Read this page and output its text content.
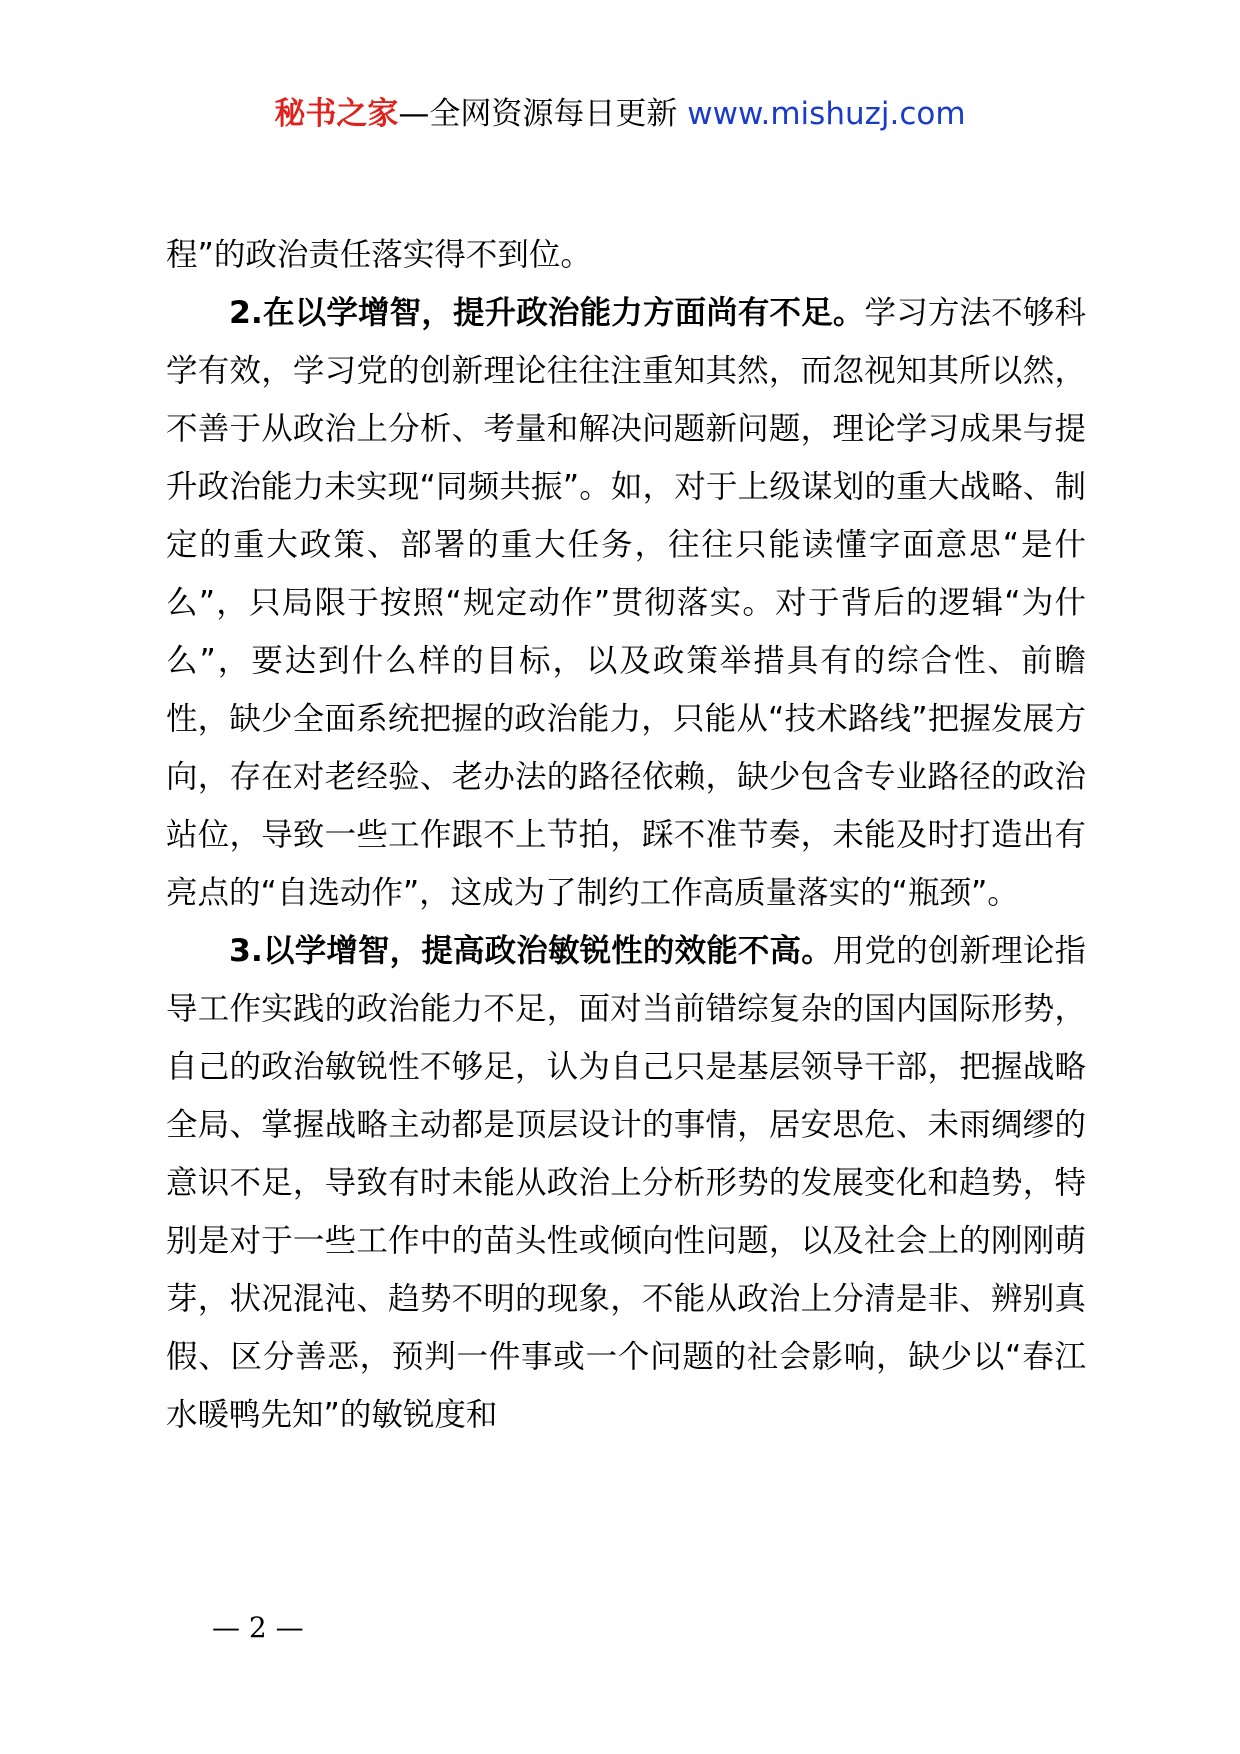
秘书之家—全网资源每日更新 www.mishuzj.com

程”的政治责任落实得不到位。

2.在以学增智，提升政治能力方面尚有不足。学习方法不够科学有效，学习党的创新理论往往注重知其然，而忽视知其所以然，不善于从政治上分析、考量和解决问题新问题，理论学习成果与提升政治能力未实现“同频共振”。如，对于上级谋划的重大战略、制定的重大政策、部署的重大任务，往往只能读懂字面意思“是什么”，只局限于按照“规定动作”贯彻落实。对于背后的逻辑“为什么”，要达到什么样的目标，以及政策举措具有的综合性、前瞻性，缺少全面系统把握的政治能力，只能从“技术路线”把握发展方向，存在对老经验、老办法的路径依赖，缺少包含专业路径的政治站位，导致一些工作跟不上节拍，踩不准节奏，未能及时打造出有亮点的“自选动作”，这成为了制约工作高质量落实的“瓶颈”。

3.以学增智，提高政治敏锐性的效能不高。用党的创新理论指导工作实践的政治能力不足，面对当前错综复杂的国内国际形势，自己的政治敏锐性不够足，认为自己只是基层领导干部，把握战略全局、掌握战略主动都是顶层设计的事情，居安思危、未雨绸缪的意识不足，导致有时未能从政治上分析形势的发展变化和趋势，特别是对于一些工作中的苗头性或倾向性问题，以及社会上的刚刚萌芽，状况混沌、趋势不明的现象，不能从政治上分清是非、辨别真假、区分善恶，预判一件事或一个问题的社会影响，缺少以“春江水暖鸭先知”的敏锐度和

— 2 —
